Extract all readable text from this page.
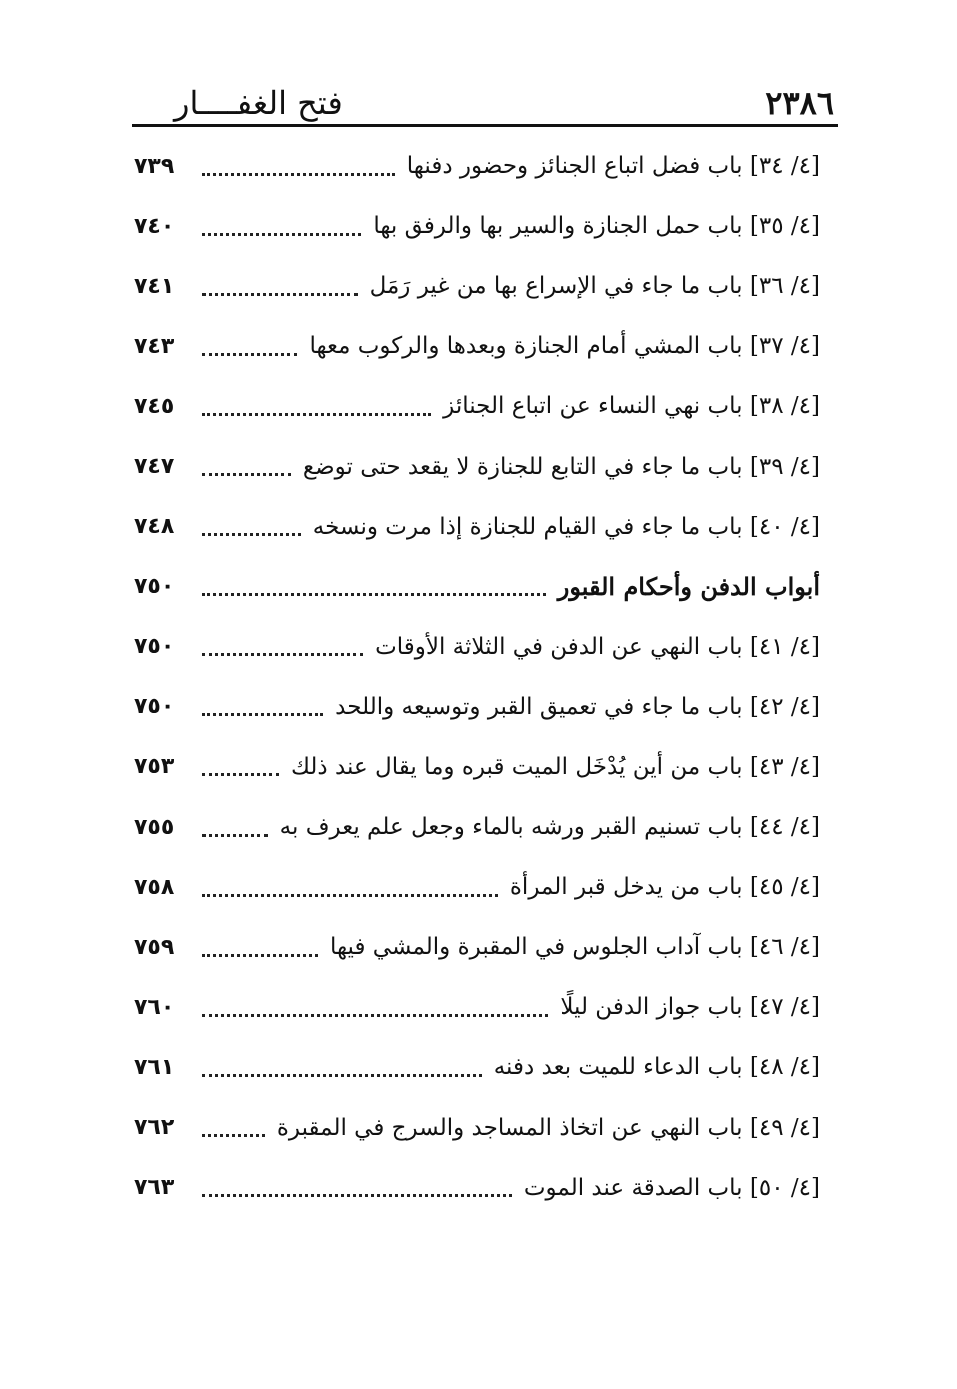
٢٣٨٦
فتح الغفــــار
[٤/ ٣٤] باب فضل اتباع الجنائز وحضور دفنها
٧٣٩
[٤/ ٣٥] باب حمل الجنازة والسير بها والرفق بها
٧٤٠
[٤/ ٣٦] باب ما جاء في الإسراع بها من غير رَمَل
٧٤١
[٤/ ٣٧] باب المشي أمام الجنازة وبعدها والركوب معها
٧٤٣
[٤/ ٣٨] باب نهي النساء عن اتباع الجنائز
٧٤٥
[٤/ ٣٩] باب ما جاء في التابع للجنازة لا يقعد حتى توضع
٧٤٧
[٤/ ٤٠] باب ما جاء في القيام للجنازة إذا مرت ونسخه
٧٤٨
أبواب الدفن وأحكام القبور
٧٥٠
[٤/ ٤١] باب النهي عن الدفن في الثلاثة الأوقات
٧٥٠
[٤/ ٤٢] باب ما جاء في تعميق القبر وتوسيعه واللحد
٧٥٠
[٤/ ٤٣] باب من أين يُدْخَل الميت قبره وما يقال عند ذلك
٧٥٣
[٤/ ٤٤] باب تسنيم القبر ورشه بالماء وجعل علم يعرف به
٧٥٥
[٤/ ٤٥] باب من يدخل قبر المرأة
٧٥٨
[٤/ ٤٦] باب آداب الجلوس في المقبرة والمشي فيها
٧٥٩
[٤/ ٤٧] باب جواز الدفن ليلًا
٧٦٠
[٤/ ٤٨] باب الدعاء للميت بعد دفنه
٧٦١
[٤/ ٤٩] باب النهي عن اتخاذ المساجد والسرج في المقبرة
٧٦٢
[٤/ ٥٠] باب الصدقة عند الموت
٧٦٣
